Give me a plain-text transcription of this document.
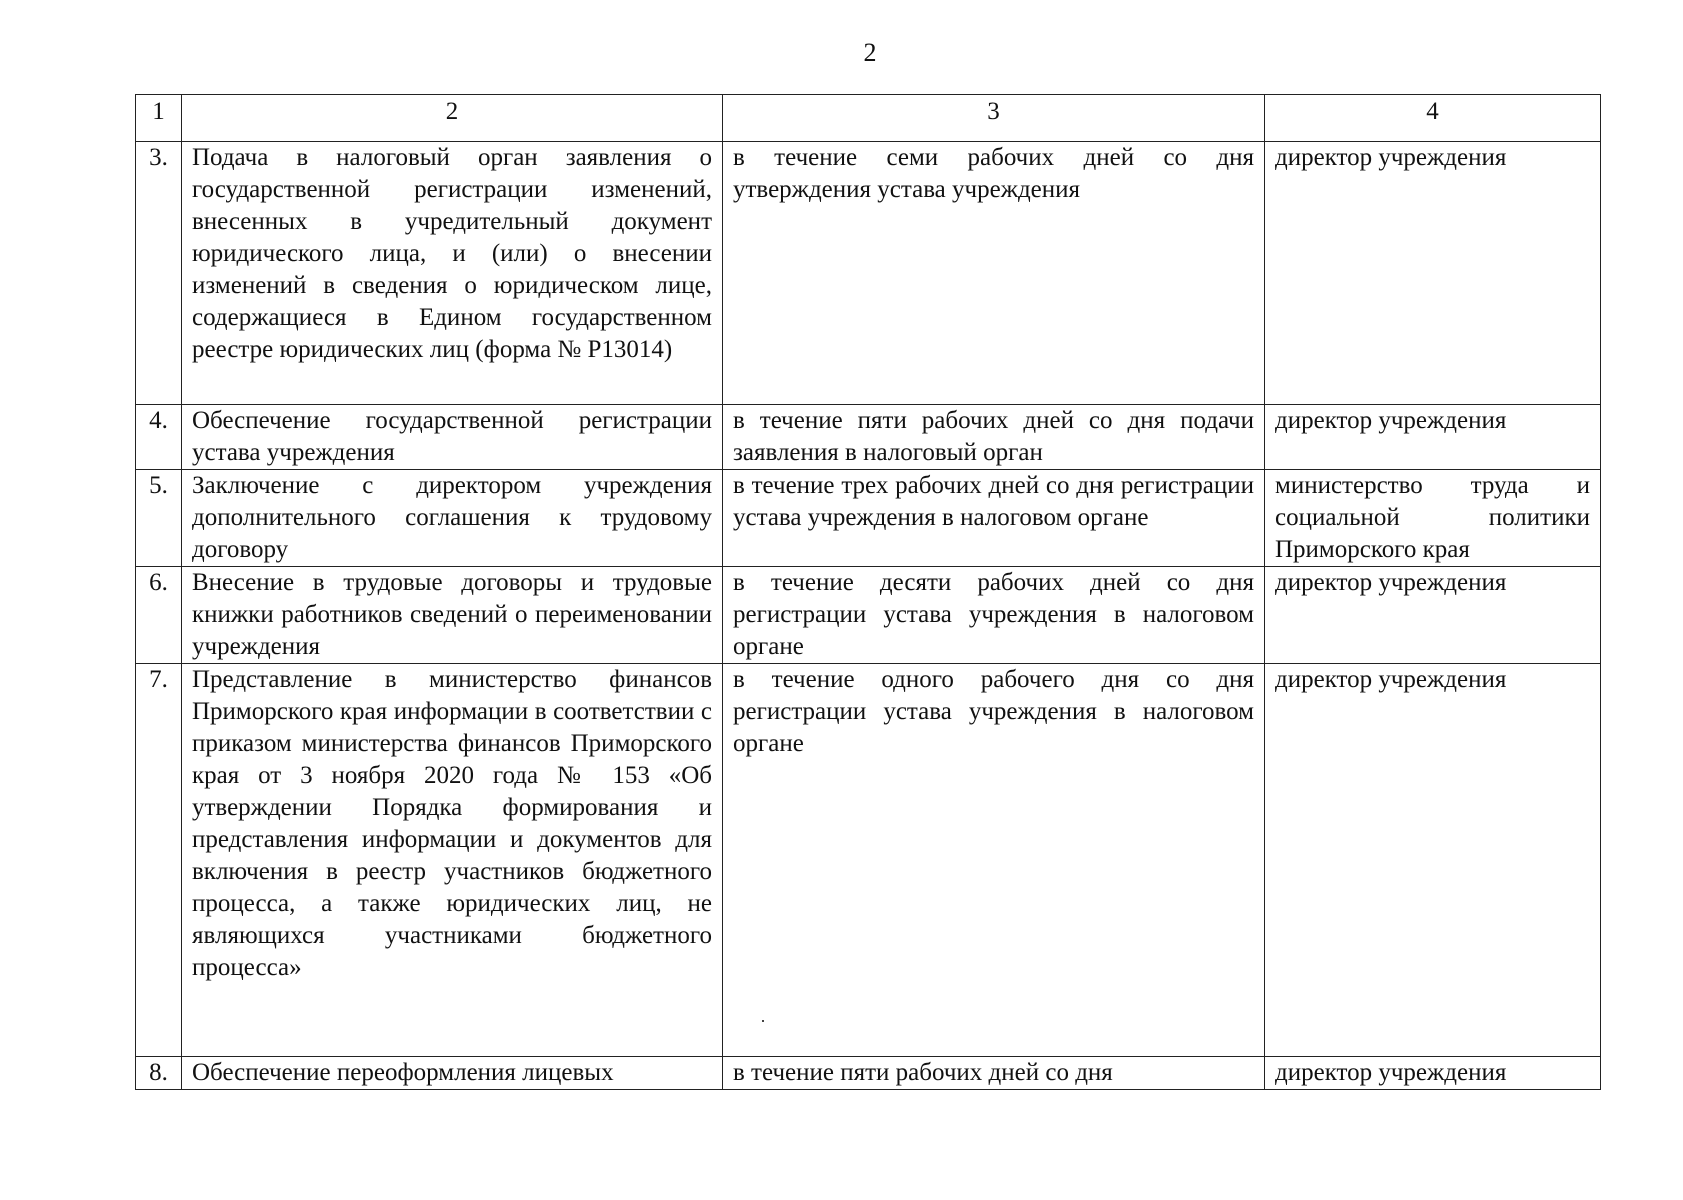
2
1	2	3	4
3.	Подача в налоговый орган заявления о государственной регистрации изменений, внесенных в учредительный документ юридического лица, и (или) о внесении изменений в сведения о юридическом лице, содержащиеся в Едином государственном реестре юридических лиц (форма № Р13014)	в течение семи рабочих дней со дня утверждения устава учреждения	директор учреждения
4.	Обеспечение государственной регистрации устава учреждения	в течение пяти рабочих дней со дня подачи заявления в налоговый орган	директор учреждения
5.	Заключение с директором учреждения дополнительного соглашения к трудовому договору	в течение трех рабочих дней со дня регистрации устава учреждения в налоговом органе	министерство труда и социальной политики Приморского края
6.	Внесение в трудовые договоры и трудовые книжки работников сведений о переименовании учреждения	в течение десяти рабочих дней со дня регистрации устава учреждения в налоговом органе	директор учреждения
7.	Представление в министерство финансов Приморского края информации в соответствии с приказом министерства финансов Приморского края от 3 ноября 2020 года № 153 «Об утверждении Порядка формирования и представления информации и документов для включения в реестр участников бюджетного процесса, а также юридических лиц, не являющихся участниками бюджетного процесса»	в течение одного рабочего дня со дня регистрации устава учреждения в налоговом органе	директор учреждения
8.	Обеспечение переоформления лицевых	в течение пяти рабочих дней со дня	директор учреждения
